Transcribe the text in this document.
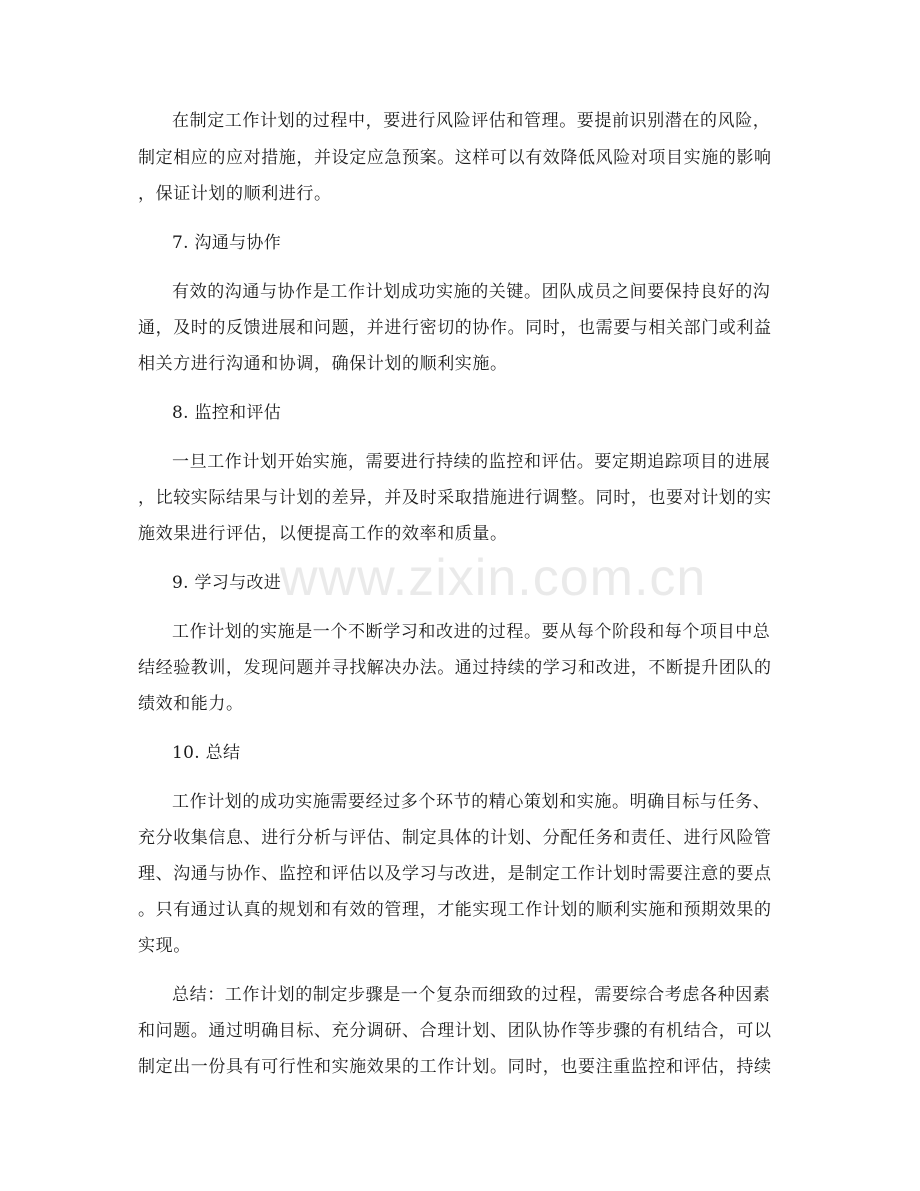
在制定工作计划的过程中，要进行风险评估和管理。要提前识别潜在的风险，
制定相应的应对措施，并设定应急预案。这样可以有效降低风险对项目实施的影响
，保证计划的顺利进行。
7. 沟通与协作
有效的沟通与协作是工作计划成功实施的关键。团队成员之间要保持良好的沟
通，及时的反馈进展和问题，并进行密切的协作。同时，也需要与相关部门或利益
相关方进行沟通和协调，确保计划的顺利实施。
8. 监控和评估
一旦工作计划开始实施，需要进行持续的监控和评估。要定期追踪项目的进展
，比较实际结果与计划的差异，并及时采取措施进行调整。同时，也要对计划的实
施效果进行评估，以便提高工作的效率和质量。
9. 学习与改进
工作计划的实施是一个不断学习和改进的过程。要从每个阶段和每个项目中总
结经验教训，发现问题并寻找解决办法。通过持续的学习和改进，不断提升团队的
绩效和能力。
10. 总结
工作计划的成功实施需要经过多个环节的精心策划和实施。明确目标与任务、
充分收集信息、进行分析与评估、制定具体的计划、分配任务和责任、进行风险管
理、沟通与协作、监控和评估以及学习与改进，是制定工作计划时需要注意的要点
。只有通过认真的规划和有效的管理，才能实现工作计划的顺利实施和预期效果的
实现。
总结：工作计划的制定步骤是一个复杂而细致的过程，需要综合考虑各种因素
和问题。通过明确目标、充分调研、合理计划、团队协作等步骤的有机结合，可以
制定出一份具有可行性和实施效果的工作计划。同时，也要注重监控和评估，持续
www.zixin.com.cn
